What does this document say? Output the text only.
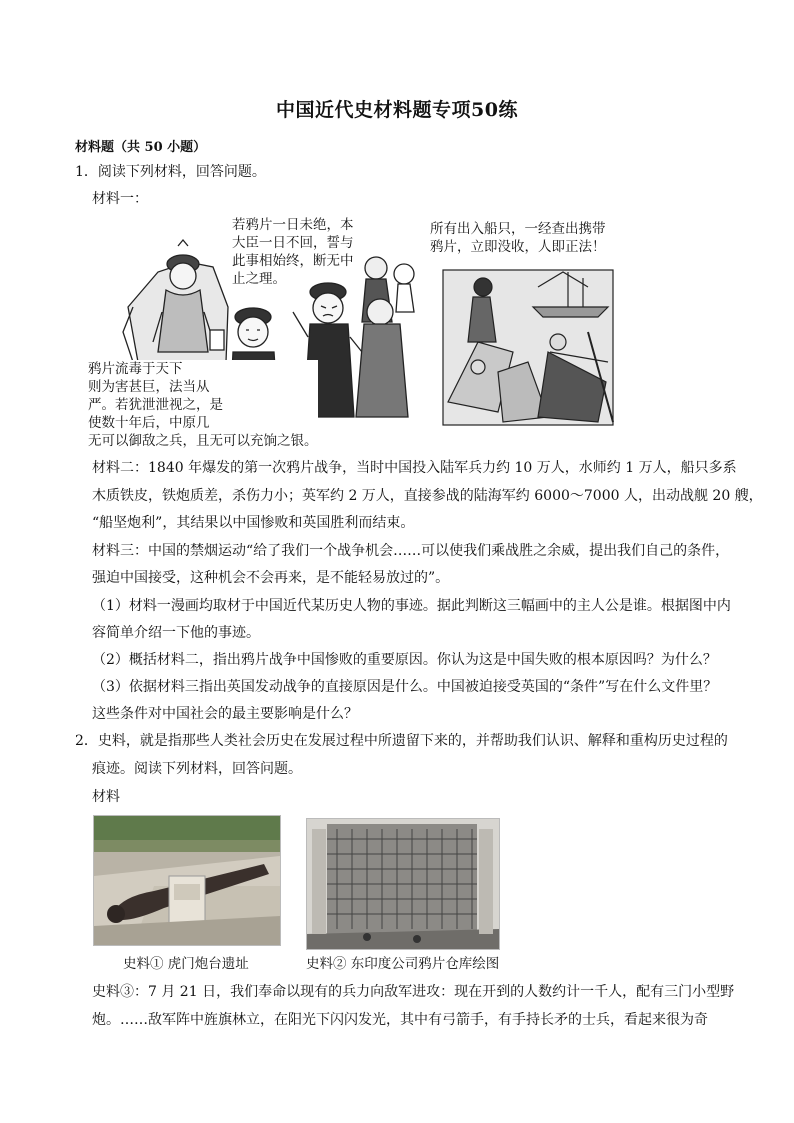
中国近代史材料题专项50练
材料题（共 50 小题）
1．阅读下列材料，回答问题。
材料一：
若鸦片一日未绝，本
大臣一日不回，誓与
此事相始终，断无中
止之理。
所有出入船只，一经查出携带
鸦片，立即没收，人即正法！
鸦片流毒于天下
则为害甚巨，法当从
严。若犹泄泄视之，是
使数十年后，中原几
无可以御敌之兵，且无可以充饷之银。
材料二：1840 年爆发的第一次鸦片战争，当时中国投入陆军兵力约 10 万人，水师约 1 万人，船只多系
木质铁皮，铁炮质差，杀伤力小；英军约 2 万人，直接参战的陆海军约 6000～7000 人，出动战舰 20 艘，
“船坚炮利”，其结果以中国惨败和英国胜利而结束。
材料三：中国的禁烟运动“给了我们一个战争机会……可以使我们乘战胜之余威，提出我们自己的条件，
强迫中国接受，这种机会不会再来，是不能轻易放过的”。
（1）材料一漫画均取材于中国近代某历史人物的事迹。据此判断这三幅画中的主人公是谁。根据图中内
容简单介绍一下他的事迹。
（2）概括材料二，指出鸦片战争中国惨败的重要原因。你认为这是中国失败的根本原因吗？为什么？
（3）依据材料三指出英国发动战争的直接原因是什么。中国被迫接受英国的“条件”写在什么文件里？
这些条件对中国社会的最主要影响是什么？
2．史料，就是指那些人类社会历史在发展过程中所遗留下来的，并帮助我们认识、解释和重构历史过程的
痕迹。阅读下列材料，回答问题。
材料
史料① 虎门炮台遗址	史料② 东印度公司鸦片仓库绘图
史料③：7 月 21 日，我们奉命以现有的兵力向敌军进攻：现在开到的人数约计一千人，配有三门小型野
炮。……敌军阵中旌旗林立，在阳光下闪闪发光，其中有弓箭手，有手持长矛的士兵，看起来很为奇
